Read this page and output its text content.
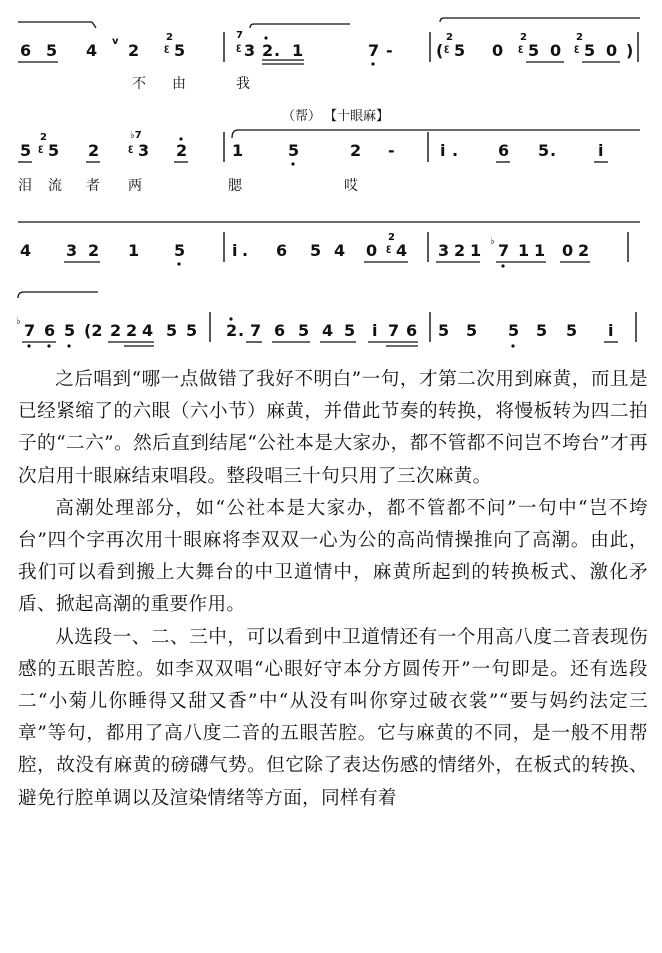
6 5 4 v 2
2
ꜫ 5
7
ꜫ 3 2 . 1	7 -	(
2
ꜫ 5 0
2
ꜫ 5 0
2
ꜫ 5 0 )
不 由	我
（帮） 【十眼麻】
5
2
ꜫ 5 2
♭7
ꜫ 3 2	1	5	2 -	i . 6 5 .	i
泪 流 者 两	腮	哎
4 3 2 1 5	i . 6 5 4 0
2
ꜫ 4 3 2 1 ♭ 7 1 1 0 2
♭ 7 6 5 (2 2 2 4 5 5 2 . 7 6 5 4 5 i 7 6 5 5 5 5 5 i

之后唱到“哪一点做错了我好不明白”一句，才第二次用到麻黄，而且是已经紧缩了的六眼（六小节）麻黄，并借此节奏的转换，将慢板转为四二拍子的“二六”。然后直到结尾“公社本是大家办，都不管都不问岂不垮台”才再次启用十眼麻结束唱段。整段唱三十句只用了三次麻黄。

高潮处理部分，如“公社本是大家办，都不管都不问”一句中“岂不垮台”四个字再次用十眼麻将李双双一心为公的高尚情操推向了高潮。由此，我们可以看到搬上大舞台的中卫道情中，麻黄所起到的转换板式、激化矛盾、掀起高潮的重要作用。

从选段一、二、三中，可以看到中卫道情还有一个用高八度二音表现伤感的五眼苦腔。如李双双唱“心眼好守本分方圆传开”一句即是。还有选段二“小菊儿你睡得又甜又香”中“从没有叫你穿过破衣裳”“要与妈约法定三章”等句，都用了高八度二音的五眼苦腔。它与麻黄的不同，是一般不用帮腔，故没有麻黄的磅礴气势。但它除了表达伤感的情绪外，在板式的转换、避免行腔单调以及渲染情绪等方面，同样有着
